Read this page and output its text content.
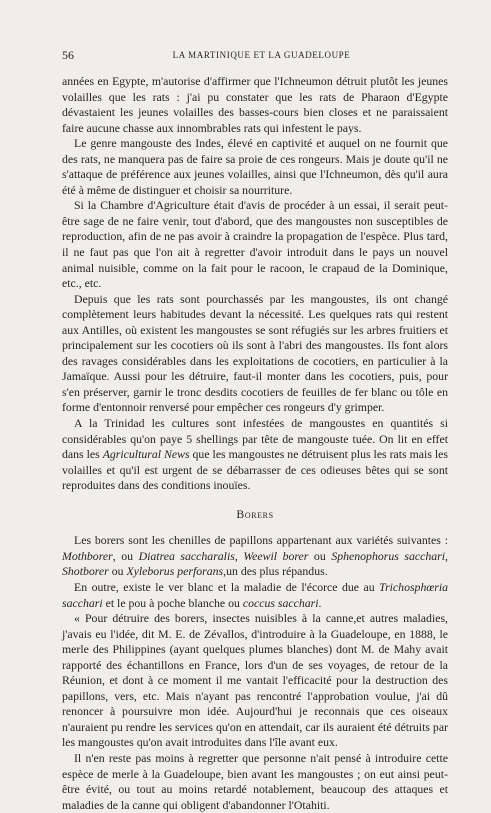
56	LA MARTINIQUE ET LA GUADELOUPE

années en Egypte, m'autorise d'affirmer que l'Ichneumon détruit plutôt les jeunes volailles que les rats : j'ai pu constater que les rats de Pharaon d'Egypte dévastaient les jeunes volailles des basses-cours bien closes et ne paraissaient faire aucune chasse aux innombrables rats qui infestent le pays.

Le genre mangouste des Indes, élevé en captivité et auquel on ne fournit que des rats, ne manquera pas de faire sa proie de ces rongeurs. Mais je doute qu'il ne s'attaque de préférence aux jeunes volailles, ainsi que l'Ichneumon, dès qu'il aura été à même de distinguer et choisir sa nourriture.

Si la Chambre d'Agriculture était d'avis de procéder à un essai, il serait peut-être sage de ne faire venir, tout d'abord, que des mangoustes non susceptibles de reproduction, afin de ne pas avoir à craindre la propagation de l'espèce. Plus tard, il ne faut pas que l'on ait à regretter d'avoir introduit dans le pays un nouvel animal nuisible, comme on la fait pour le racoon, le crapaud de la Dominique, etc., etc.

Depuis que les rats sont pourchassés par les mangoustes, ils ont changé complètement leurs habitudes devant la nécessité. Les quelques rats qui restent aux Antilles, où existent les mangoustes se sont réfugiés sur les arbres fruitiers et principalement sur les cocotiers où ils sont à l'abri des mangoustes. Ils font alors des ravages considérables dans les exploitations de cocotiers, en particulier à la Jamaïque. Aussi pour les détruire, faut-il monter dans les cocotiers, puis, pour s'en préserver, garnir le tronc desdits cocotiers de feuilles de fer blanc ou tôle en forme d'entonnoir renversé pour empêcher ces rongeurs d'y grimper.

A la Trinidad les cultures sont infestées de mangoustes en quantités si considérables qu'on paye 5 shellings par tête de mangouste tuée. On lit en effet dans les Agricultural News que les mangoustes ne détruisent plus les rats mais les volailles et qu'il est urgent de se débarrasser de ces odieuses bêtes qui se sont reproduites dans des conditions inouïes.

Borers

Les borers sont les chenilles de papillons appartenant aux variétés suivantes : Mothborer, ou Diatrea saccharalis, Weewil borer ou Sphenophorus sacchari, Shotborer ou Xyleborus perforans,un des plus répandus.

En outre, existe le ver blanc et la maladie de l'écorce due au Trichosphœria sacchari et le pou à poche blanche ou coccus sacchari.

« Pour détruire des borers, insectes nuisibles à la canne,et autres maladies, j'avais eu l'idée, dit M. E. de Zévallos, d'introduire à la Guadeloupe, en 1888, le merle des Philippines (ayant quelques plumes blanches) dont M. de Mahy avait rapporté des échantillons en France, lors d'un de ses voyages, de retour de la Réunion, et dont à ce moment il me vantait l'efficacité pour la destruction des papillons, vers, etc. Mais n'ayant pas rencontré l'approbation voulue, j'ai dû renoncer à poursuivre mon idée. Aujourd'hui je reconnais que ces oiseaux n'auraient pu rendre les services qu'on en attendait, car ils auraient été détruits par les mangoustes qu'on avait introduites dans l'île avant eux.

Il n'en reste pas moins à regretter que personne n'ait pensé à introduire cette espèce de merle à la Guadeloupe, bien avant les mangoustes ; on eut ainsi peut-être évité, ou tout au moins retardé notablement, beaucoup des attaques et maladies de la canne qui obligent d'abandonner l'Otahiti.
